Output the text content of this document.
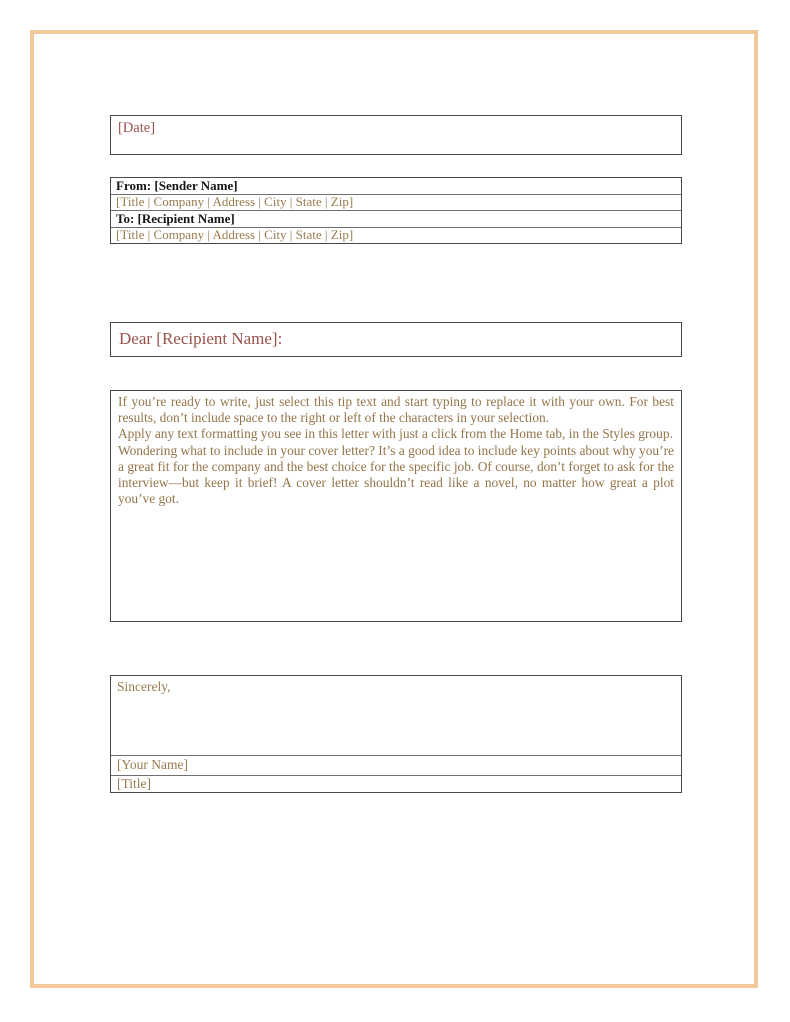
[Date]
From: [Sender Name]
[Title | Company | Address | City | State | Zip]
To: [Recipient Name]
[Title | Company | Address | City | State | Zip]
Dear [Recipient Name]:

If you’re ready to write, just select this tip text and start typing to replace it with your own. For best results, don’t include space to the right or left of the characters in your selection.

Apply any text formatting you see in this letter with just a click from the Home tab, in the Styles group.

Wondering what to include in your cover letter? It’s a good idea to include key points about why you’re a great fit for the company and the best choice for the specific job. Of course, don’t forget to ask for the interview—but keep it brief! A cover letter shouldn’t read like a novel, no matter how great a plot you’ve got.

Sincerely,
[Your Name]
[Title]
